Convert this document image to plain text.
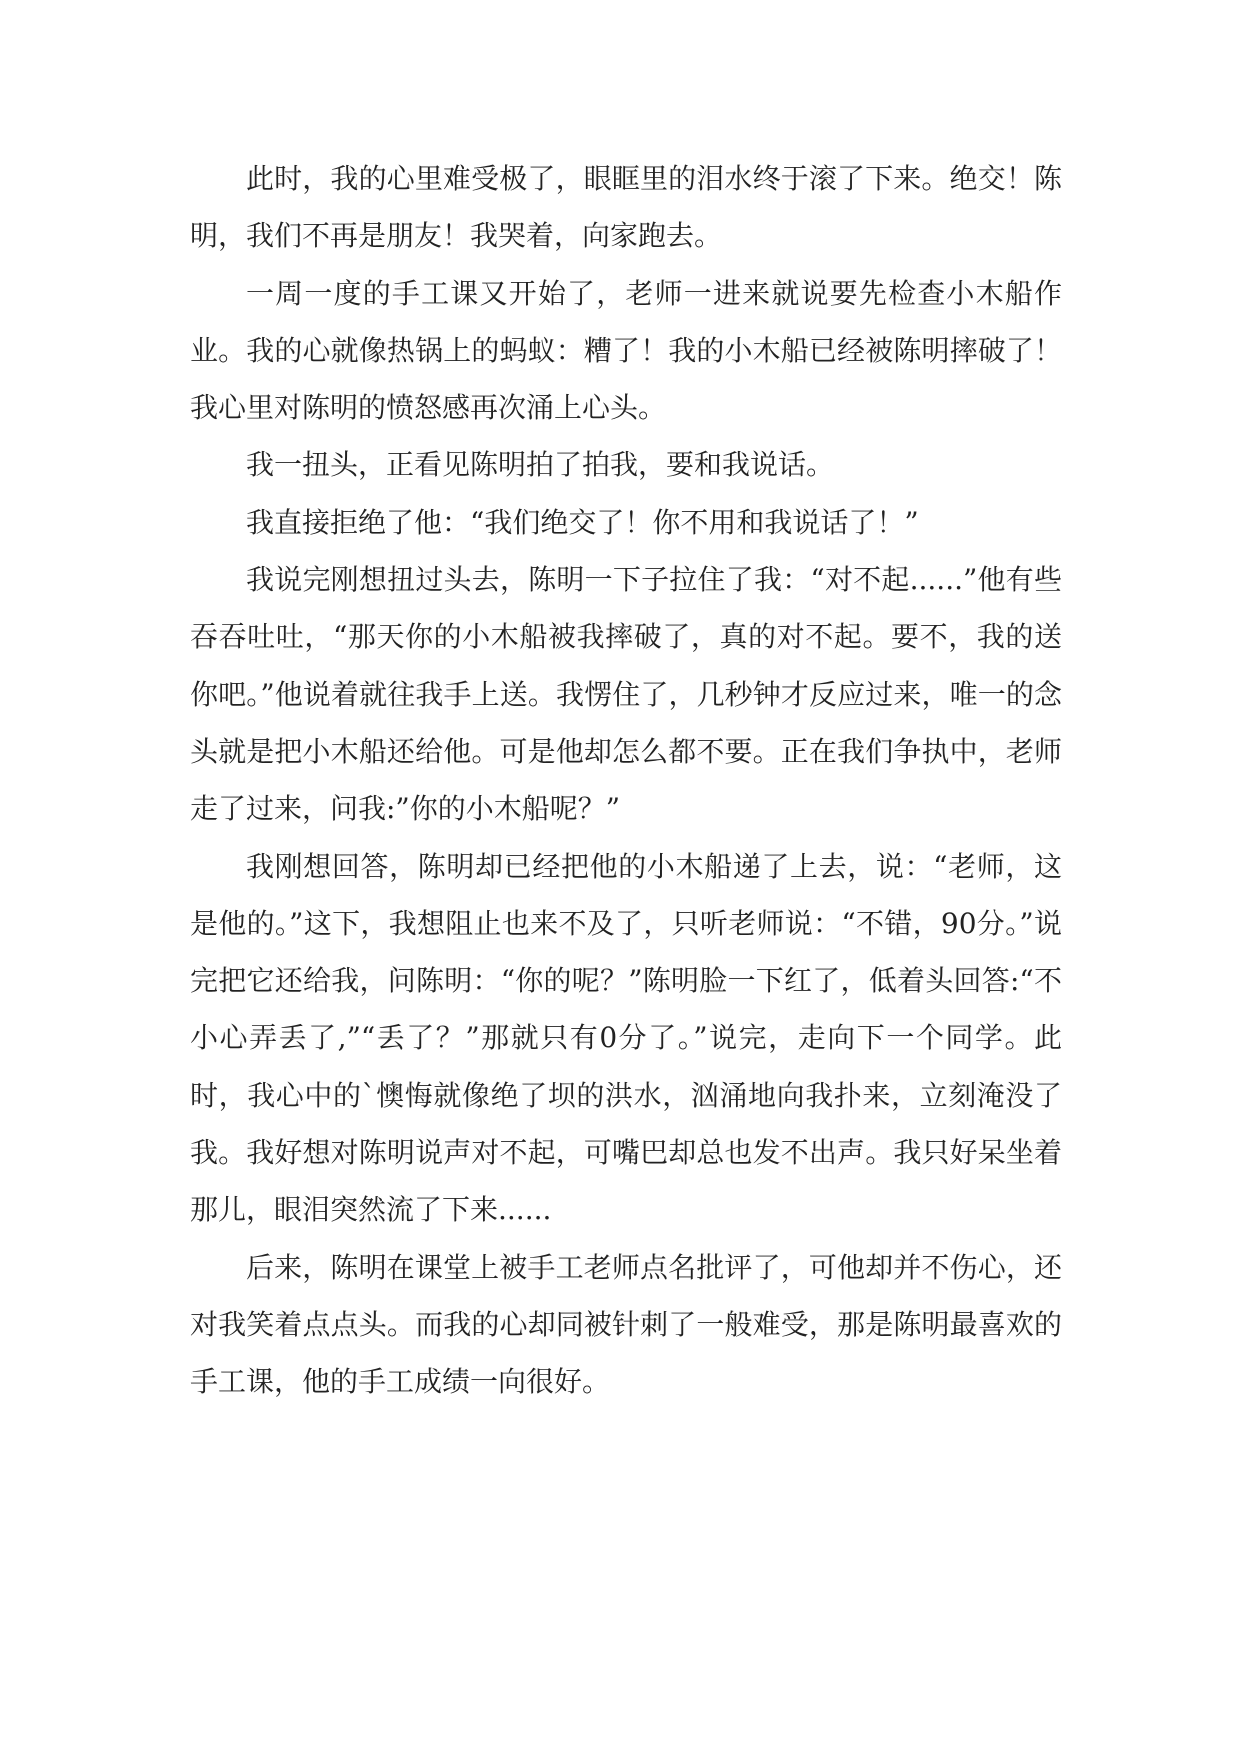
此时，我的心里难受极了，眼眶里的泪水终于滚了下来。绝交！陈明，我们不再是朋友！我哭着，向家跑去。

一周一度的手工课又开始了，老师一进来就说要先检查小木船作业。我的心就像热锅上的蚂蚁：糟了！我的小木船已经被陈明摔破了！我心里对陈明的愤怒感再次涌上心头。

我一扭头，正看见陈明拍了拍我，要和我说话。

我直接拒绝了他：“我们绝交了！你不用和我说话了！”

我说完刚想扭过头去，陈明一下子拉住了我：“对不起......”他有些吞吞吐吐，“那天你的小木船被我摔破了，真的对不起。要不，我的送你吧。”他说着就往我手上送。我愣住了，几秒钟才反应过来，唯一的念头就是把小木船还给他。可是他却怎么都不要。正在我们争执中，老师走了过来，问我:”你的小木船呢？”

我刚想回答，陈明却已经把他的小木船递了上去，说：“老师，这是他的。”这下，我想阻止也来不及了，只听老师说：“不错，90分。”说完把它还给我，问陈明：“你的呢？”陈明脸一下红了，低着头回答:“不小心弄丢了,”“丢了？”那就只有0分了。”说完，走向下一个同学。此时，我心中的`懊悔就像绝了坝的洪水，汹涌地向我扑来，立刻淹没了我。我好想对陈明说声对不起，可嘴巴却总也发不出声。我只好呆坐着那儿，眼泪突然流了下来......

后来，陈明在课堂上被手工老师点名批评了，可他却并不伤心，还对我笑着点点头。而我的心却同被针刺了一般难受，那是陈明最喜欢的手工课，他的手工成绩一向很好。
